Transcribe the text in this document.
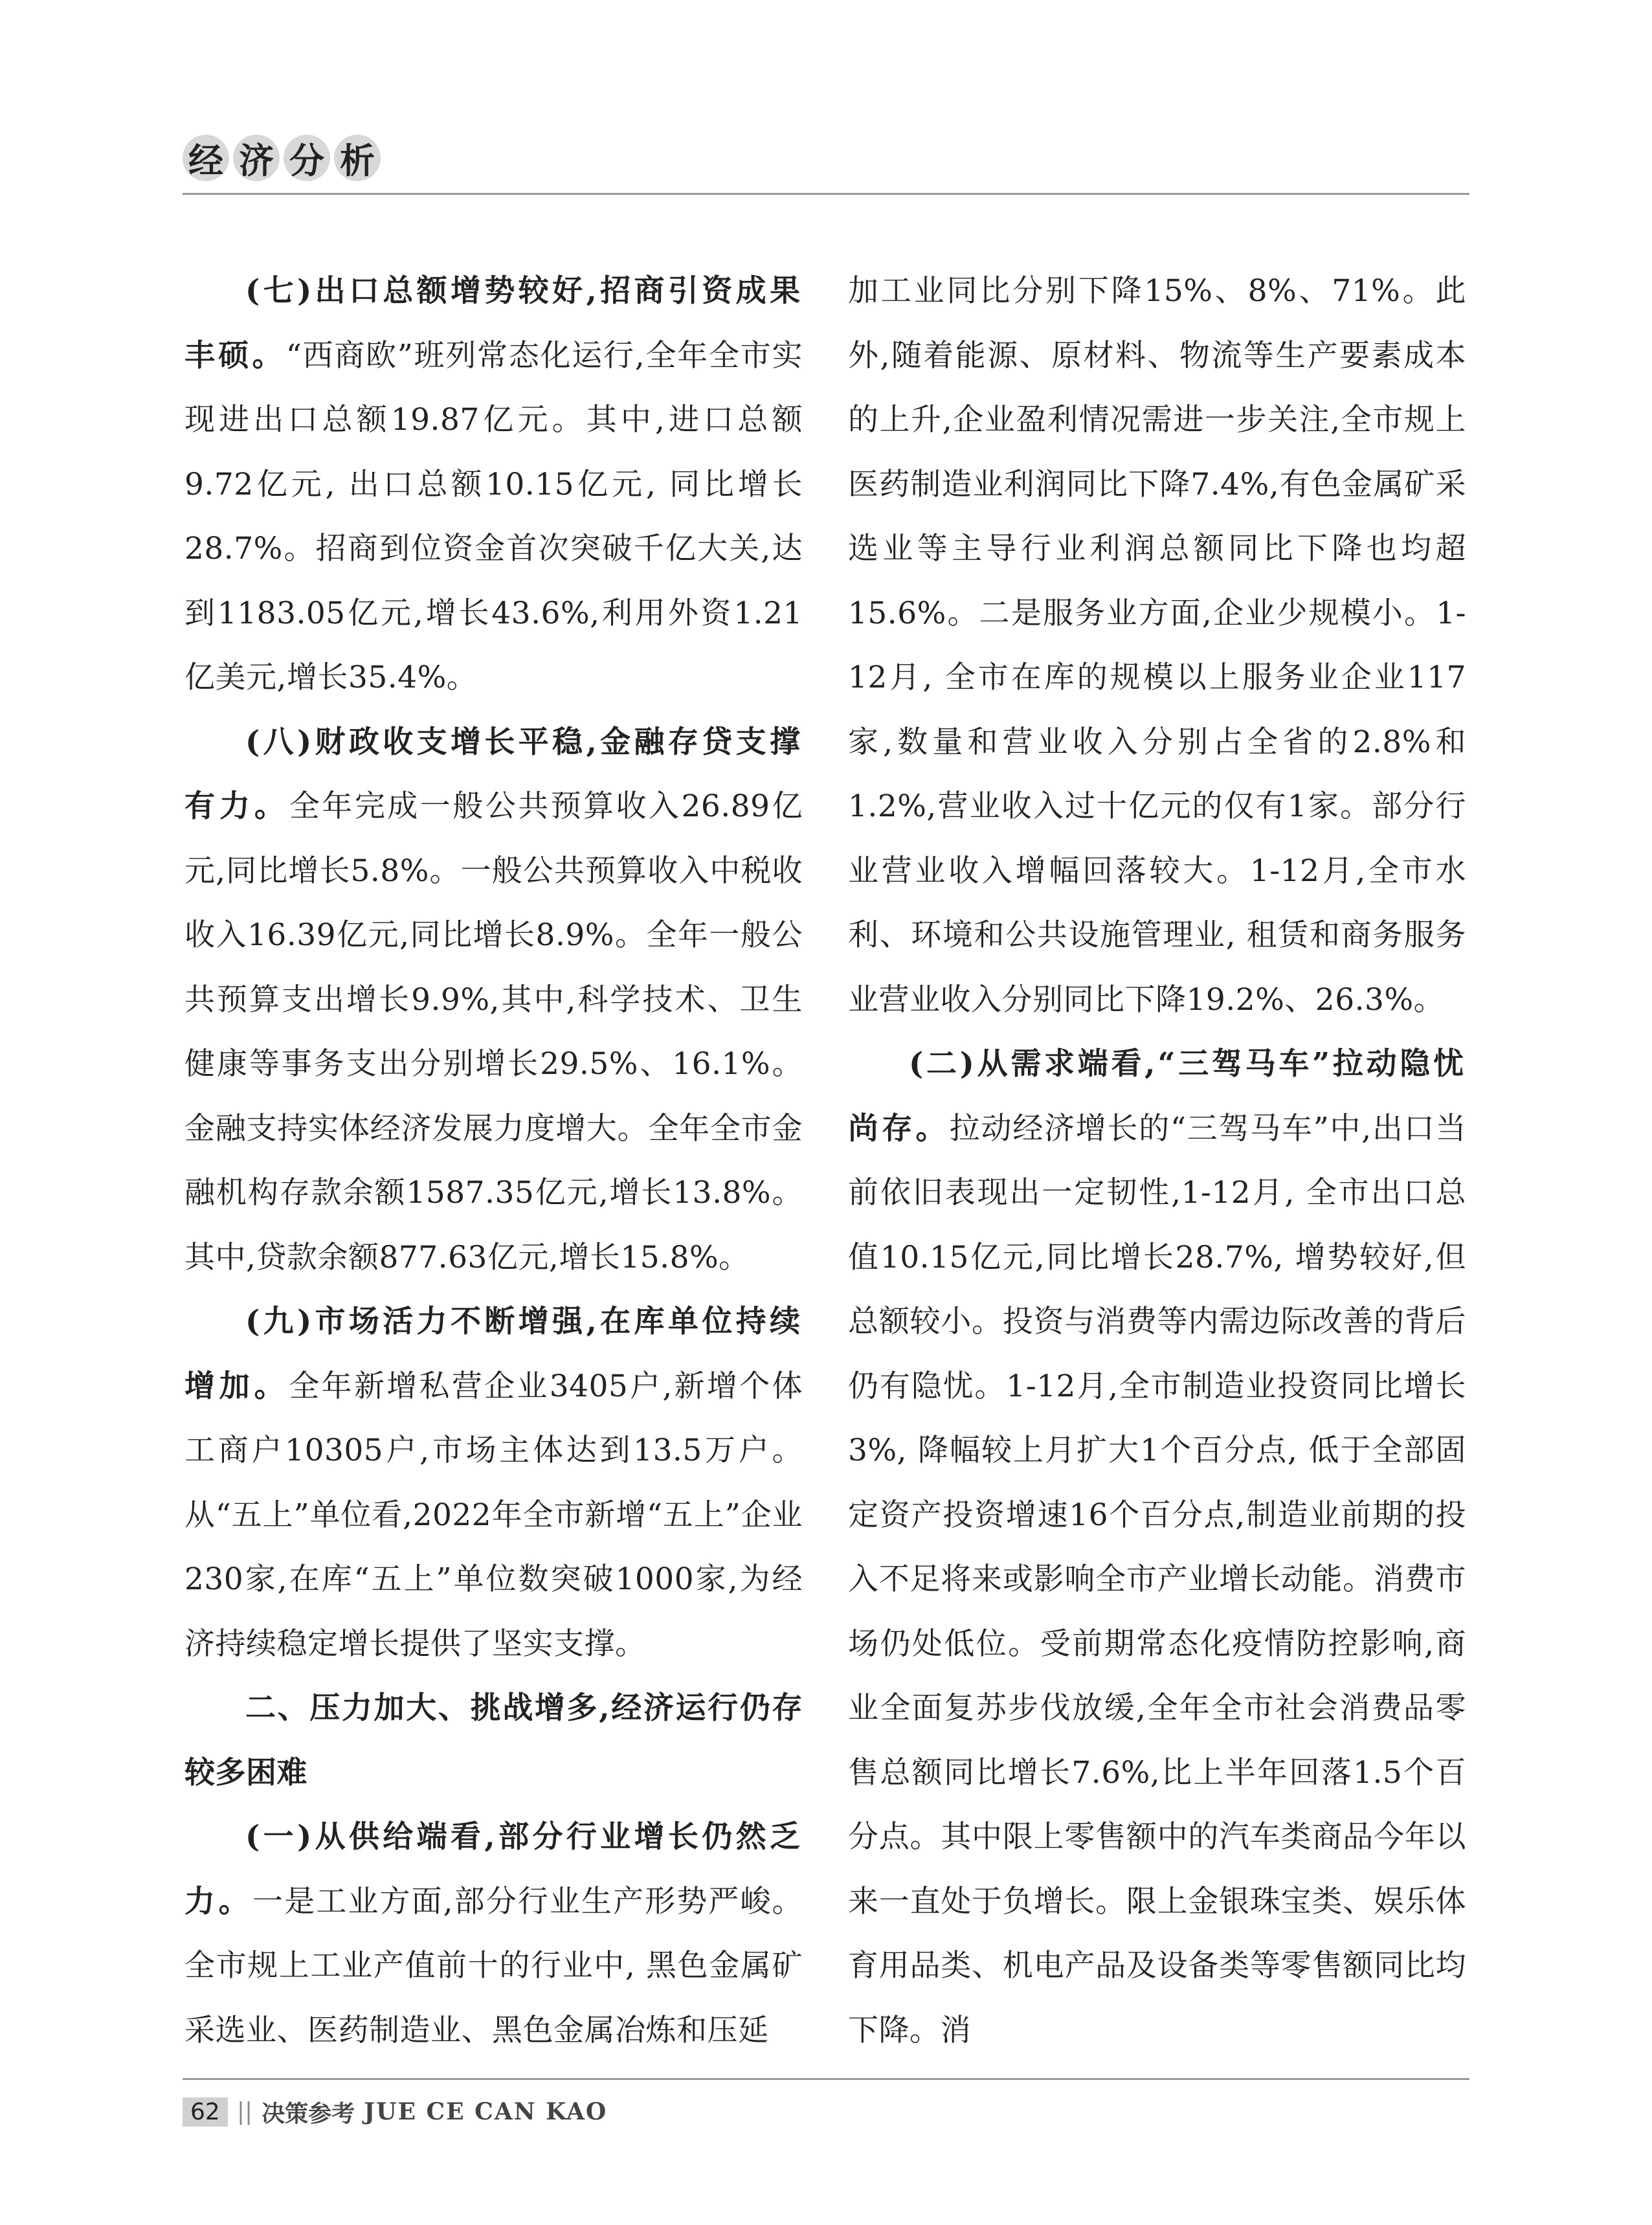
经 济 分 析

(七)出口总额增势较好,招商引资成果丰硕。“西商欧”班列常态化运行,全年全市实现进出口总额19.87亿元。其中,进口总额9.72亿元, 出口总额10.15亿元, 同比增长28.7%。招商到位资金首次突破千亿大关,达到1183.05亿元,增长43.6%,利用外资1.21亿美元,增长35.4%。

(八)财政收支增长平稳,金融存贷支撑有力。全年完成一般公共预算收入26.89亿元,同比增长5.8%。一般公共预算收入中税收收入16.39亿元,同比增长8.9%。全年一般公共预算支出增长9.9%,其中,科学技术、卫生健康等事务支出分别增长29.5%、16.1%。金融支持实体经济发展力度增大。全年全市金融机构存款余额1587.35亿元,增长13.8%。其中,贷款余额877.63亿元,增长15.8%。

(九)市场活力不断增强,在库单位持续增加。全年新增私营企业3405户,新增个体工商户10305户,市场主体达到13.5万户。从“五上”单位看,2022年全市新增“五上”企业230家,在库“五上”单位数突破1000家,为经济持续稳定增长提供了坚实支撑。

二、压力加大、挑战增多,经济运行仍存较多困难

(一)从供给端看,部分行业增长仍然乏力。一是工业方面,部分行业生产形势严峻。全市规上工业产值前十的行业中, 黑色金属矿采选业、医药制造业、黑色金属冶炼和压延

加工业同比分别下降15%、8%、71%。此外,随着能源、原材料、物流等生产要素成本的上升,企业盈利情况需进一步关注,全市规上医药制造业利润同比下降7.4%,有色金属矿采选业等主导行业利润总额同比下降也均超15.6%。二是服务业方面,企业少规模小。1-12月, 全市在库的规模以上服务业企业117家,数量和营业收入分别占全省的2.8%和 1.2%,营业收入过十亿元的仅有1家。部分行业营业收入增幅回落较大。1-12月,全市水利、环境和公共设施管理业, 租赁和商务服务业营业收入分别同比下降19.2%、26.3%。

(二)从需求端看,“三驾马车”拉动隐忧尚存。拉动经济增长的“三驾马车”中,出口当前依旧表现出一定韧性,1-12月, 全市出口总值10.15亿元,同比增长28.7%, 增势较好,但总额较小。投资与消费等内需边际改善的背后仍有隐忧。1-12月,全市制造业投资同比增长3%, 降幅较上月扩大1个百分点, 低于全部固定资产投资增速16个百分点,制造业前期的投入不足将来或影响全市产业增长动能。消费市场仍处低位。受前期常态化疫情防控影响,商业全面复苏步伐放缓,全年全市社会消费品零售总额同比增长7.6%,比上半年回落1.5个百分点。其中限上零售额中的汽车类商品今年以来一直处于负增长。限上金银珠宝类、娱乐体育用品类、机电产品及设备类等零售额同比均下降。消

62 || 决策参考 JUE CE CAN KAO
